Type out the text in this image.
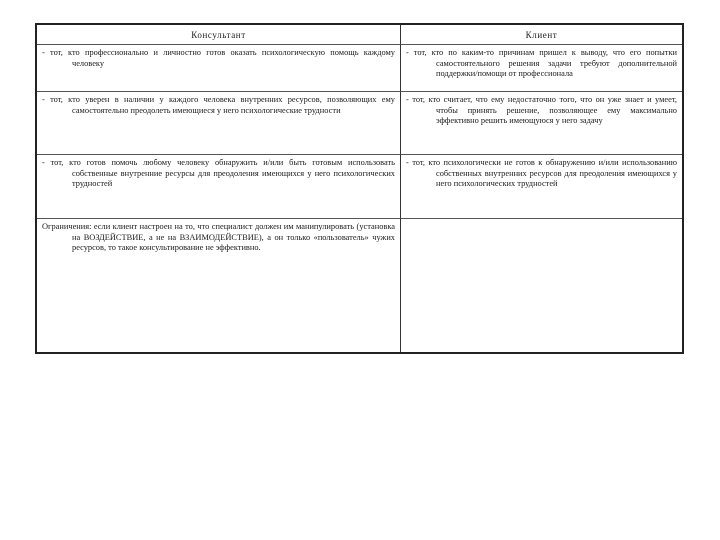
Консультант	Клиент
- тот, кто профессионально и личностно готов оказать психологическую помощь каждому человеку
- тот, кто по каким-то причинам пришел к выводу, что его попытки самостоятельного решения задачи требуют дополнительной поддержки/помощи от профессионала
- тот, кто уверен в наличии у каждого человека внутренних ресурсов, позволяющих ему самостоятельно преодолеть имеющиеся у него психологические трудности
- тот, кто считает, что ему недостаточно того, что он уже знает и умеет, чтобы принять решение, позволяющее ему максимально эффективно решить имеющуюся у него задачу
- тот, кто готов помочь любому человеку обнаружить и/или быть готовым использовать собственные внутренние ресурсы для преодоления имеющихся у него психологических трудностей
- тот, кто психологически не готов к обнаружению и/или использованию собственных внутренних ресурсов для преодоления имеющихся у него психологических трудностей
Ограничения: если клиент настроен на то, что специалист должен им манипулировать (установка на ВОЗДЕЙСТВИЕ, а не на ВЗАИМОДЕЙСТВИЕ), а он только «пользователь» чужих ресурсов, то такое консультирование не эффективно.
